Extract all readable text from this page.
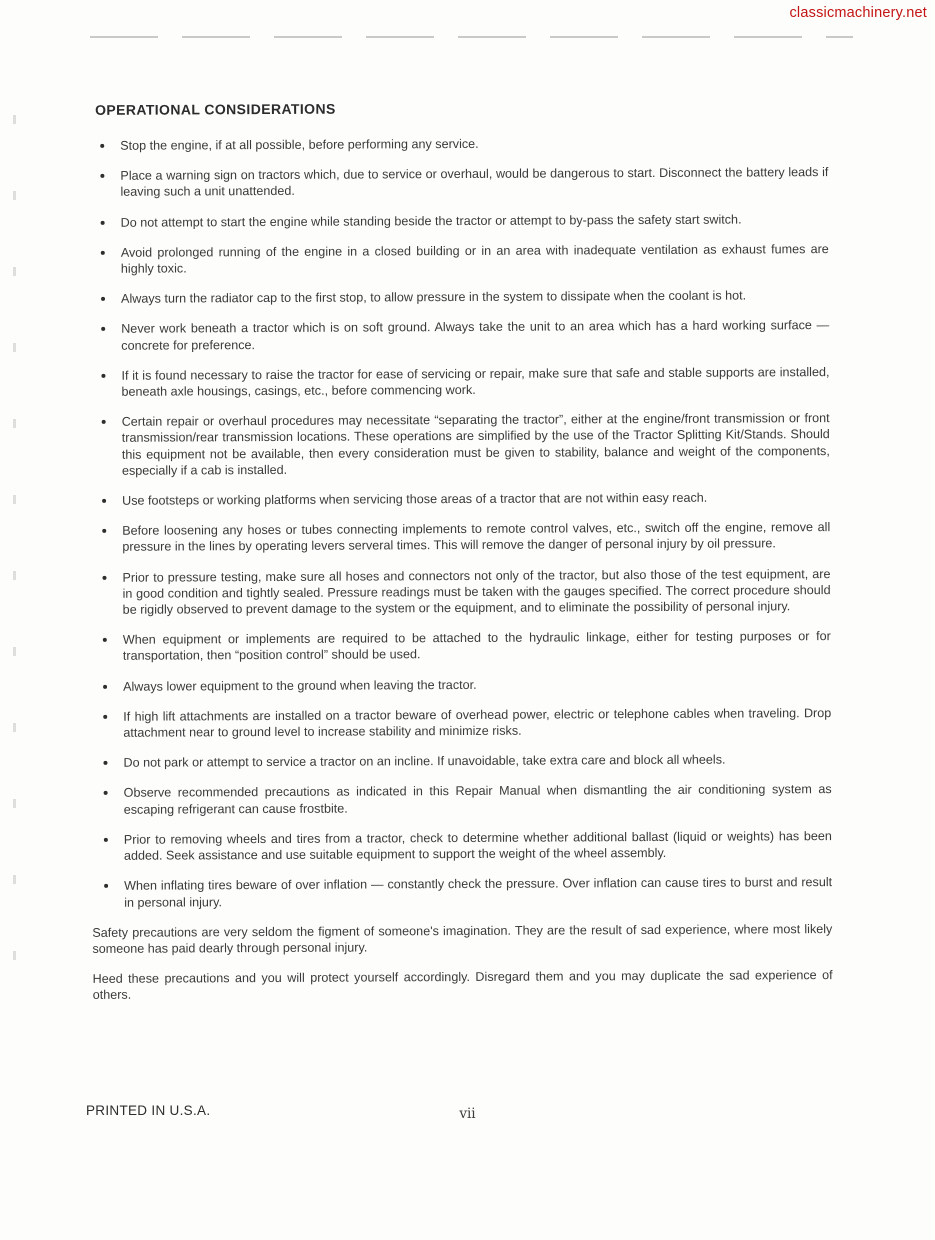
classicmachinery.net
OPERATIONAL CONSIDERATIONS
Stop the engine, if at all possible, before performing any service.
Place a warning sign on tractors which, due to service or overhaul, would be dangerous to start. Disconnect the battery leads if leaving such a unit unattended.
Do not attempt to start the engine while standing beside the tractor or attempt to by-pass the safety start switch.
Avoid prolonged running of the engine in a closed building or in an area with inadequate ventilation as exhaust fumes are highly toxic.
Always turn the radiator cap to the first stop, to allow pressure in the system to dissipate when the coolant is hot.
Never work beneath a tractor which is on soft ground. Always take the unit to an area which has a hard working surface — concrete for preference.
If it is found necessary to raise the tractor for ease of servicing or repair, make sure that safe and stable supports are installed, beneath axle housings, casings, etc., before commencing work.
Certain repair or overhaul procedures may necessitate “separating the tractor”, either at the engine/front transmission or front transmission/rear transmission locations. These operations are simplified by the use of the Tractor Splitting Kit/Stands. Should this equipment not be available, then every consideration must be given to stability, balance and weight of the components, especially if a cab is installed.
Use footsteps or working platforms when servicing those areas of a tractor that are not within easy reach.
Before loosening any hoses or tubes connecting implements to remote control valves, etc., switch off the engine, remove all pressure in the lines by operating levers serveral times. This will remove the danger of personal injury by oil pressure.
Prior to pressure testing, make sure all hoses and connectors not only of the tractor, but also those of the test equipment, are in good condition and tightly sealed. Pressure readings must be taken with the gauges specified. The correct procedure should be rigidly observed to prevent damage to the system or the equipment, and to eliminate the possibility of personal injury.
When equipment or implements are required to be attached to the hydraulic linkage, either for testing purposes or for transportation, then “position control” should be used.
Always lower equipment to the ground when leaving the tractor.
If high lift attachments are installed on a tractor beware of overhead power, electric or telephone cables when traveling. Drop attachment near to ground level to increase stability and minimize risks.
Do not park or attempt to service a tractor on an incline. If unavoidable, take extra care and block all wheels.
Observe recommended precautions as indicated in this Repair Manual when dismantling the air conditioning system as escaping refrigerant can cause frostbite.
Prior to removing wheels and tires from a tractor, check to determine whether additional ballast (liquid or weights) has been added. Seek assistance and use suitable equipment to support the weight of the wheel assembly.
When inflating tires beware of over inflation — constantly check the pressure. Over inflation can cause tires to burst and result in personal injury.

Safety precautions are very seldom the figment of someone's imagination. They are the result of sad experience, where most likely someone has paid dearly through personal injury.

Heed these precautions and you will protect yourself accordingly. Disregard them and you may duplicate the sad experience of others.

PRINTED IN U.S.A.	vii
